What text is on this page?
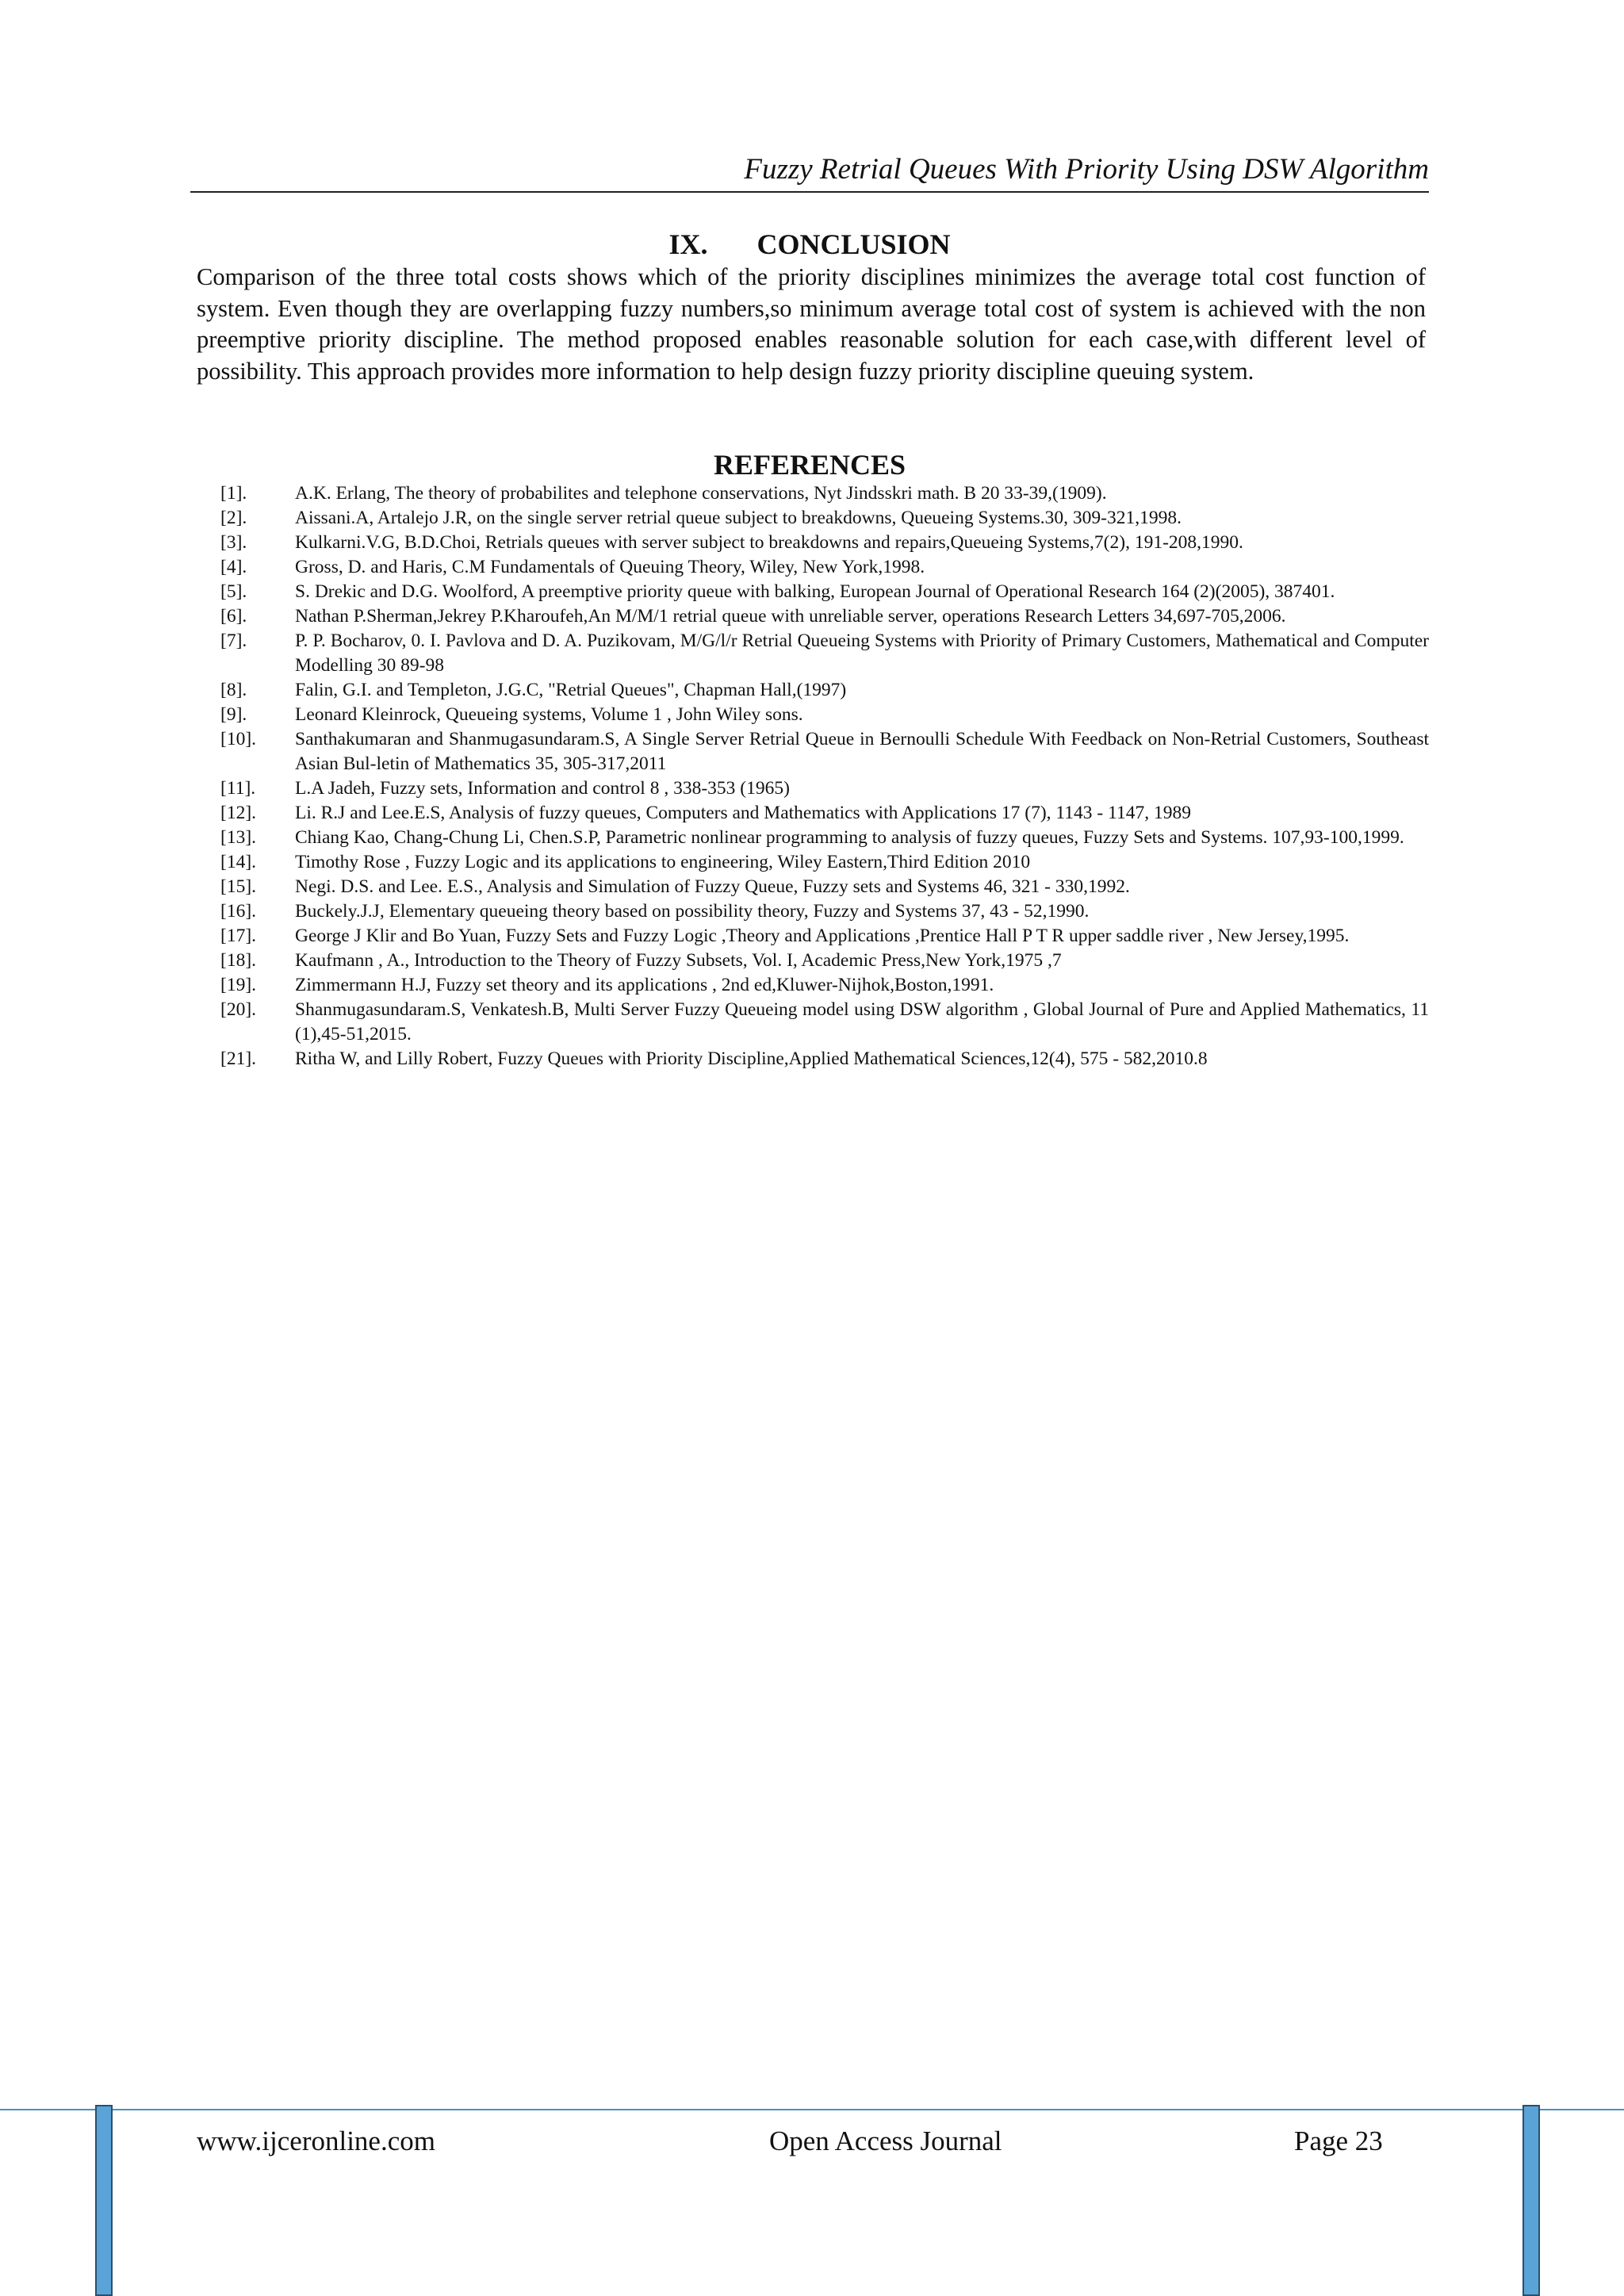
Fuzzy Retrial Queues With Priority Using DSW Algorithm
IX. CONCLUSION

Comparison of the three total costs shows which of the priority disciplines minimizes the average total cost function of system. Even though they are overlapping fuzzy numbers,so minimum average total cost of system is achieved with the non preemptive priority discipline. The method proposed enables reasonable solution for each case,with different level of possibility. This approach provides more information to help design fuzzy priority discipline queuing system.

REFERENCES
[1].	A.K. Erlang, The theory of probabilites and telephone conservations, Nyt Jindsskri math. B 20 33-39,(1909).
[2].	Aissani.A, Artalejo J.R, on the single server retrial queue subject to breakdowns, Queueing Systems.30, 309-321,1998.
[3].	Kulkarni.V.G, B.D.Choi, Retrials queues with server subject to breakdowns and repairs,Queueing Systems,7(2), 191-208,1990.
[4].	Gross, D. and Haris, C.M Fundamentals of Queuing Theory, Wiley, New York,1998.
[5].	S. Drekic and D.G. Woolford, A preemptive priority queue with balking, European Journal of Operational Research 164 (2)(2005), 387401.
[6].	Nathan P.Sherman,Jekrey P.Kharoufeh,An M/M/1 retrial queue with unreliable server, operations Research Letters 34,697-705,2006.
[7].	P. P. Bocharov, 0. I. Pavlova and D. A. Puzikovam, M/G/l/r Retrial Queueing Systems with Priority of Primary Customers, Mathematical and Computer Modelling 30 89-98
[8].	Falin, G.I. and Templeton, J.G.C, "Retrial Queues", Chapman Hall,(1997)
[9].	Leonard Kleinrock, Queueing systems, Volume 1 , John Wiley sons.
[10].	Santhakumaran and Shanmugasundaram.S, A Single Server Retrial Queue in Bernoulli Schedule With Feedback on Non-Retrial Customers, Southeast Asian Bul-letin of Mathematics 35, 305-317,2011
[11].	L.A Jadeh, Fuzzy sets, Information and control 8 , 338-353 (1965)
[12].	Li. R.J and Lee.E.S, Analysis of fuzzy queues, Computers and Mathematics with Applications 17 (7), 1143 - 1147, 1989
[13].	Chiang Kao, Chang-Chung Li, Chen.S.P, Parametric nonlinear programming to analysis of fuzzy queues, Fuzzy Sets and Systems. 107,93-100,1999.
[14].	Timothy Rose , Fuzzy Logic and its applications to engineering, Wiley Eastern,Third Edition 2010
[15].	Negi. D.S. and Lee. E.S., Analysis and Simulation of Fuzzy Queue, Fuzzy sets and Systems 46, 321 - 330,1992.
[16].	Buckely.J.J, Elementary queueing theory based on possibility theory, Fuzzy and Systems 37, 43 - 52,1990.
[17].	George J Klir and Bo Yuan, Fuzzy Sets and Fuzzy Logic ,Theory and Applications ,Prentice Hall P T R upper saddle river , New Jersey,1995.
[18].	Kaufmann , A., Introduction to the Theory of Fuzzy Subsets, Vol. I, Academic Press,New York,1975 ,7
[19].	Zimmermann H.J, Fuzzy set theory and its applications , 2nd ed,Kluwer-Nijhok,Boston,1991.
[20].	Shanmugasundaram.S, Venkatesh.B, Multi Server Fuzzy Queueing model using DSW algorithm , Global Journal of Pure and Applied Mathematics, 11 (1),45-51,2015.
[21].	Ritha W, and Lilly Robert, Fuzzy Queues with Priority Discipline,Applied Mathematical Sciences,12(4), 575 - 582,2010.8
www.ijceronline.com	Open Access Journal	Page 23
